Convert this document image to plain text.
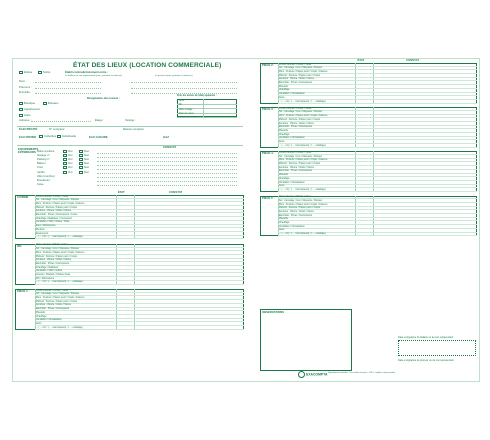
ÉTAT DES LIEUX (LOCATION COMMERCIALE)
Entrée	Sortie	Établi contradictoirement entre :
Le bailleur ou son représentant (nom, prénoms et adresse)	Le preneur (nom, prénoms et adresse)
Nom :
Prénoms :
Domicile :
Désignation des locaux :
Boutique	Bureaux
Appartement
Autre
Adresse :	Étage :	Vestige :
Pour les termes de (date) appareils :
Nbre
Nb
Date d'usage
Date de relevé
ÉLECTRICITÉ	N° compteur	Relevé compteur
EAU FROIDE	EAU CHAUDE	GAZ
Collective Individuelle
ÉQUIPEMENTS EXTÉRIEURS
CONSTAT
Boîte à lettres	Oui	Non
Garage n°	Oui	Non
Parking n°	Oui	Non
Balcon	Oui	Non
Cour	Oui	Non
Jardin	Oui	Non
Clés (nombre)
Émetteurs
Cave
ÉTAT	CONSTAT
CUISINE	Portes d'entrée / Plinthe / Vitres
Sol : Carrelage / Lino / Moquette / Parquet
Murs : Peinture / Papier peint / Crépis / Faïence
Plafond : Peinture / Papier peint / Crépis
Fenêtres : Vitrerie / Volets / Stores
Électricité : Prises / Interrupteurs / Lustre
Chauffage / Radiateur / Convecteur
Ventilation / VMC / Grilles / Hotte
Évier / Robinetterie
Meubles
Équipement
... (.....m²) / (..... interrupteurs) / (..... éclairage)
WC	Portes d'entrée / Plinthe / Vitres
Sol : Carrelage / Lino / Moquette / Parquet
Murs : Peinture / Papier peint / Crépis / Faïence
Plafond : Peinture / Papier peint / Crépis
Fenêtres : Vitrerie / Volets / Stores
Électricité : Prises / Interrupteurs
Chauffage / Radiateur
Ventilation / VMC / Grilles
Cuvette / Abattant / Chasse d'eau
WC / Robinetterie
... (.....m²) / (..... interrupteurs) / (..... éclairage)
PIÈCE 1 :	Portes d'entrée / Plinthe / Vitres
Sol : Carrelage / Lino / Moquette / Parquet
Murs : Peinture / Papier peint / Crépis / Faïence
Plafond : Peinture / Papier peint / Crépis
Fenêtres : Vitrerie / Volets / Stores
Électricité : Prises / Interrupteurs
Placards
Chauffage
Ventilation / Climatisation
Autre
... (.....m²) / (..... interrupteurs) / (..... éclairage)
ÉTAT	CONSTAT
PIÈCE 2 : Portes d'entrée / Plinthe / Vitres
Sol : Carrelage / Lino / Moquette / Parquet
Murs : Peinture / Papier peint / Crépis / Faïence
Plafond : Peinture / Papier peint / Crépis
Fenêtres : Vitrerie / Volets / Stores
Électricité : Prises / Interrupteurs
Placards
Chauffage
Ventilation / Climatisation
Autre
... (.....m²) / (..... interrupteurs) / (..... éclairage)
PIÈCE 3 : Portes d'entrée / Plinthe / Vitres
Sol : Carrelage / Lino / Moquette / Parquet
Murs : Peinture / Papier peint / Crépis / Faïence
Plafond : Peinture / Papier peint / Crépis
Fenêtres : Vitrerie / Volets / Stores
Électricité : Prises / Interrupteurs
Placards
Chauffage
Ventilation / Climatisation
Autre
... (.....m²) / (..... interrupteurs) / (..... éclairage)
PIÈCE 4 : Portes d'entrée / Plinthe / Vitres
Sol : Carrelage / Lino / Moquette / Parquet
Murs : Peinture / Papier peint / Crépis / Faïence
Plafond : Peinture / Papier peint / Crépis
Fenêtres : Vitrerie / Volets / Stores
Électricité : Prises / Interrupteurs
Placards
Chauffage
Ventilation / Climatisation
Autre
... (.....m²) / (..... interrupteurs) / (..... éclairage)
PIÈCE 5 : Portes d'entrée / Plinthe / Vitres
Sol : Carrelage / Lino / Moquette / Parquet
Murs : Peinture / Papier peint / Crépis / Faïence
Plafond : Peinture / Papier peint / Crépis
Fenêtres : Vitrerie / Volets / Stores
Électricité : Prises / Interrupteurs
Placards
Chauffage
Ventilation / Climatisation
Autre
... (.....m²) / (..... interrupteurs) / (..... éclairage)
OBSERVATIONS
Date et signature du bailleur ou de son représentant
Date et signature du preneur ou de son représentant
EXACOMPTA Reproduction interdite - Tous droits réservés - 2014 - modèle commercialisé
